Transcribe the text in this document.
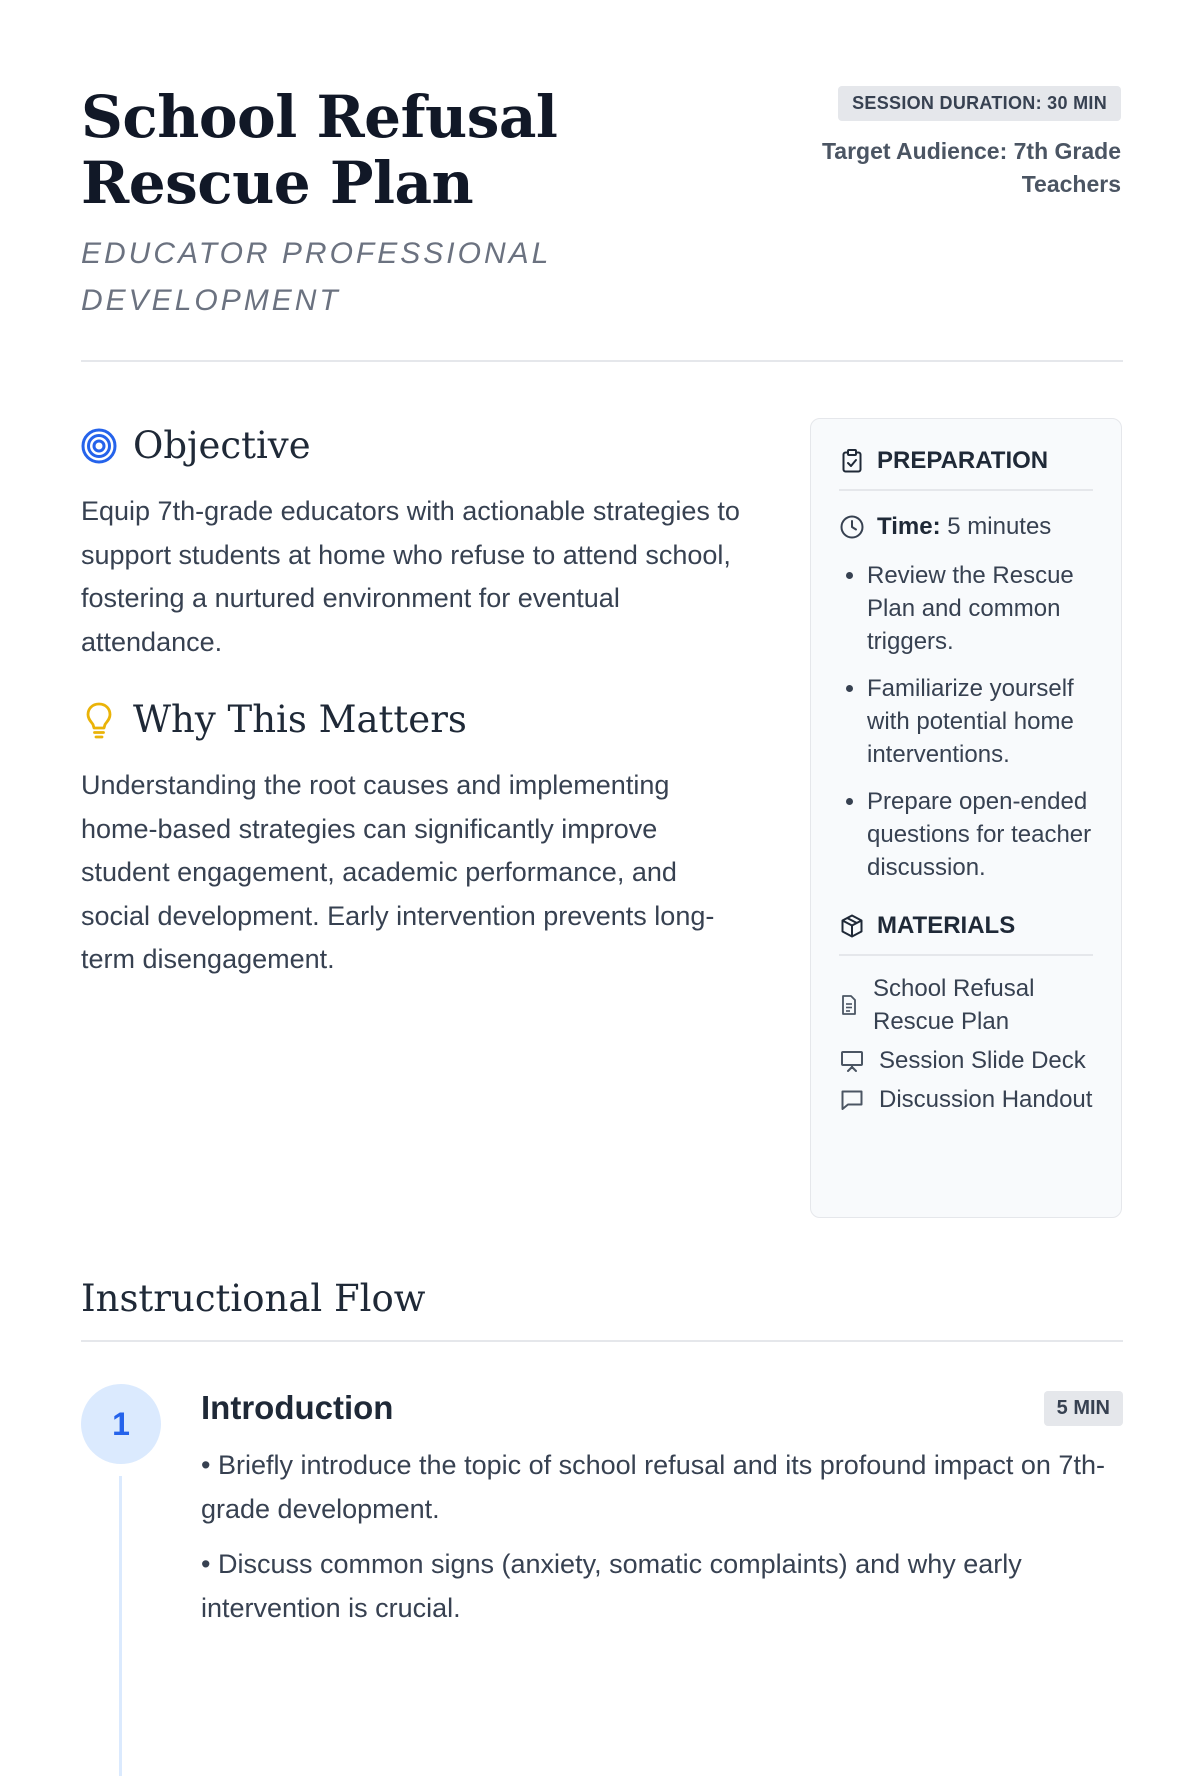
School Refusal Rescue Plan
EDUCATOR PROFESSIONAL DEVELOPMENT
SESSION DURATION: 30 MIN
Target Audience: 7th Grade Teachers
Objective

Equip 7th-grade educators with actionable strategies to support students at home who refuse to attend school, fostering a nurtured environment for eventual attendance.

Why This Matters

Understanding the root causes and implementing home-based strategies can significantly improve student engagement, academic performance, and social development. Early intervention prevents long-term disengagement.

PREPARATION
Time: 5 minutes
• Review the Rescue Plan and common triggers.
• Familiarize yourself with potential home interventions.
• Prepare open-ended questions for teacher discussion.
MATERIALS
School Refusal Rescue Plan
Session Slide Deck
Discussion Handout
Instructional Flow
1	Introduction	5 MIN
• Briefly introduce the topic of school refusal and its profound impact on 7th-grade development.
• Discuss common signs (anxiety, somatic complaints) and why early intervention is crucial.
